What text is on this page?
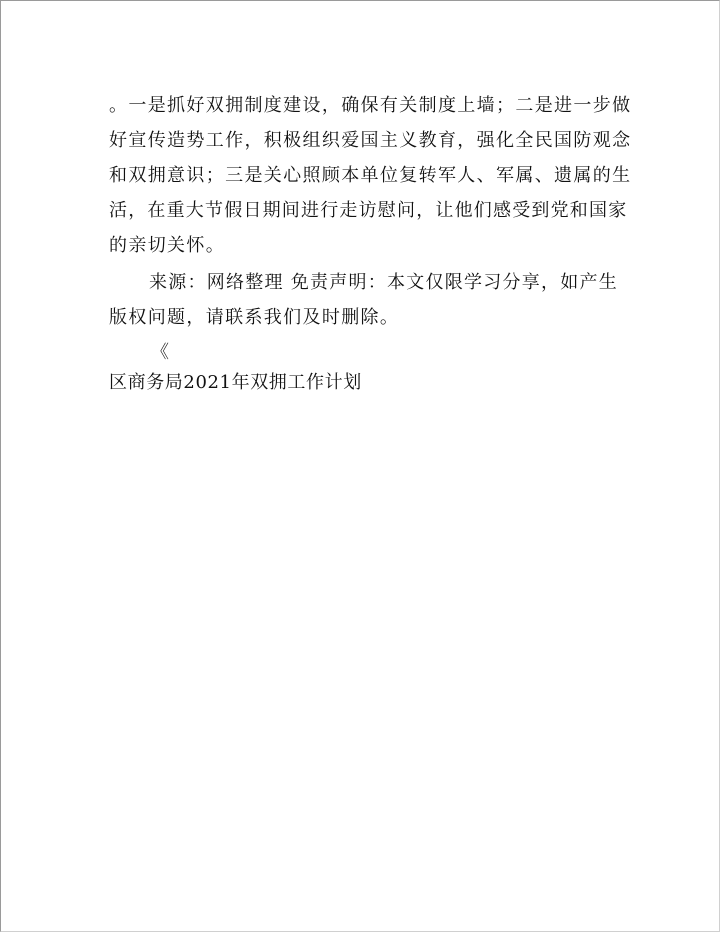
。一是抓好双拥制度建设，确保有关制度上墙；二是进一步做
好宣传造势工作，积极组织爱国主义教育，强化全民国防观念
和双拥意识；三是关心照顾本单位复转军人、军属、遗属的生
活，在重大节假日期间进行走访慰问，让他们感受到党和国家
的亲切关怀。
来源：网络整理 免责声明：本文仅限学习分享，如产生
版权问题，请联系我们及时删除。
《
区商务局2021年双拥工作计划
